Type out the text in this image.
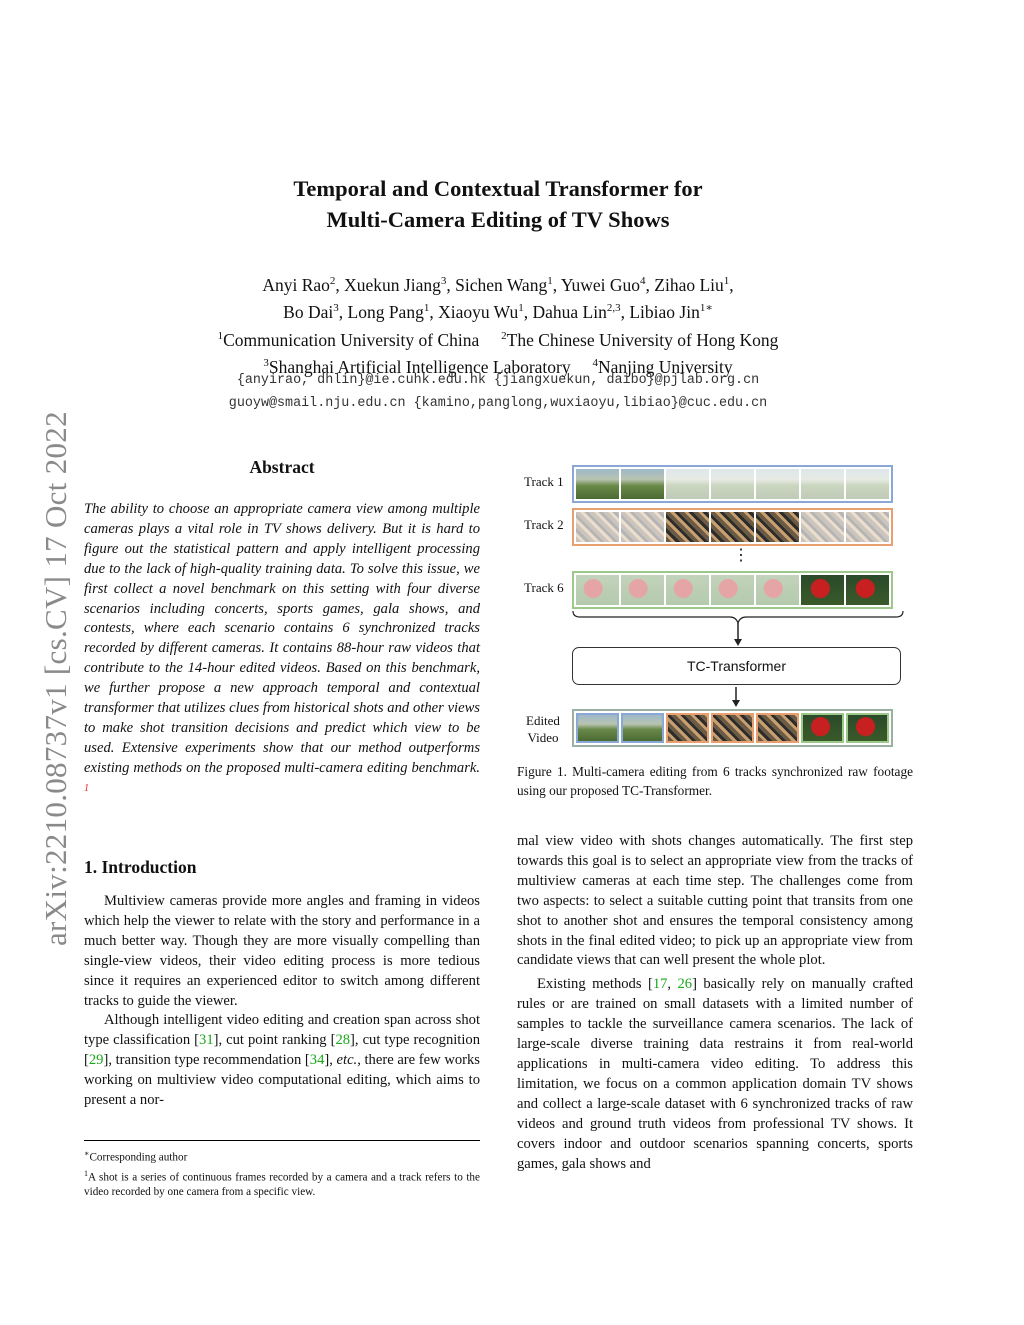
arXiv:2210.08737v1 [cs.CV] 17 Oct 2022
Temporal and Contextual Transformer for
Multi-Camera Editing of TV Shows
Anyi Rao$^2$, Xuekun Jiang$^3$, Sichen Wang$^1$, Yuwei Guo$^4$, Zihao Liu$^1$,
Bo Dai$^3$, Long Pang$^1$, Xiaoyu Wu$^1$, Dahua Lin$^{2,3}$, Libiao Jin$^{1∗}$
$^1$Communication University of China $^2$The Chinese University of Hong Kong
$^3$Shanghai Artificial Intelligence Laboratory $^4$Nanjing University
{anyirao, dhlin}@ie.cuhk.edu.hk {jiangxuekun, daibo}@pjlab.org.cn
guoyw@smail.nju.edu.cn {kamino,panglong,wuxiaoyu,libiao}@cuc.edu.cn
Abstract
The ability to choose an appropriate camera view among multiple cameras plays a vital role in TV shows delivery. But it is hard to figure out the statistical pattern and apply intelligent processing due to the lack of high-quality training data. To solve this issue, we first collect a novel benchmark on this setting with four diverse scenarios including concerts, sports games, gala shows, and contests, where each scenario contains 6 synchronized tracks recorded by different cameras. It contains 88-hour raw videos that contribute to the 14-hour edited videos. Based on this benchmark, we further propose a new approach temporal and contextual transformer that utilizes clues from historical shots and other views to make shot transition decisions and predict which view to be used. Extensive experiments show that our method outperforms existing methods on the proposed multi-camera editing benchmark. $^1$
1. Introduction

Multiview cameras provide more angles and framing in videos which help the viewer to relate with the story and performance in a much better way. Though they are more visually compelling than single-view videos, their video editing process is more tedious since it requires an experienced editor to switch among different tracks to guide the viewer.

Although intelligent video editing and creation span across shot type classification [31], cut point ranking [28], cut type recognition [29], transition type recommendation [34], etc., there are few works working on multiview video computational editing, which aims to present a nor-

∗Corresponding author
$^1$A shot is a series of continuous frames recorded by a camera and a track refers to the video recorded by one camera from a specific view.
Track 1
Track 2
⋮
Track 6
TC-Transformer
Edited
Video
Figure 1. Multi-camera editing from 6 tracks synchronized raw footage using our proposed TC-Transformer.

mal view video with shots changes automatically. The first step towards this goal is to select an appropriate view from the tracks of multiview cameras at each time step. The challenges come from two aspects: to select a suitable cutting point that transits from one shot to another shot and ensures the temporal consistency among shots in the final edited video; to pick up an appropriate view from candidate views that can well present the whole plot.

Existing methods [17, 26] basically rely on manually crafted rules or are trained on small datasets with a limited number of samples to tackle the surveillance camera scenarios. The lack of large-scale diverse training data restrains it from real-world applications in multi-camera video editing. To address this limitation, we focus on a common application domain TV shows and collect a large-scale dataset with 6 synchronized tracks of raw videos and ground truth videos from professional TV shows. It covers indoor and outdoor scenarios spanning concerts, sports games, gala shows and
